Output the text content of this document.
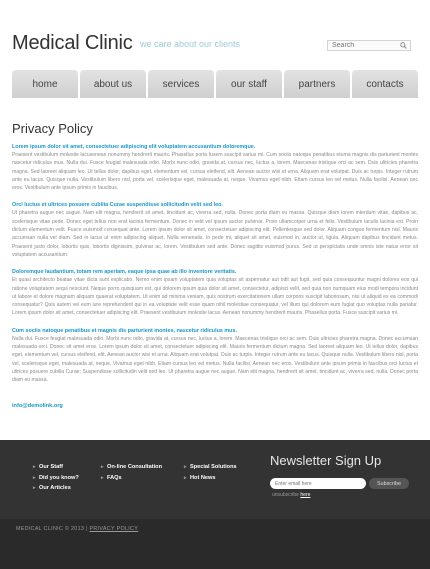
Medical Clinic we care about our clients
Search
home	about us	services	our staff	partners	contacts
Privacy Policy
Lorem ipsum dolor sit amet, consectetuer adipiscing elit voluptatem accusantium doloremque.
Praesent vestibulum molestie lacusenean nonummy hendrerit mauris. Phasellus porta fusem suscipit varius mi. Cum sociis natoque penatibus etuma magnis dis parturient montes nascetur ridiculus mus. Nulla dui. Fusce feugiat malesuada odio. Morbi nunc odio, gravida at, cursus nec, luctus a, lorem. Maecenas tristique orci ac sem. Duis ultricies pharetra magna. Sed laoreet aliquam leo. Ut tellus dolor, dapibus eget, elementum vel, cursus eleifend, elit. Aenean auctor wisi et urna. Aliquam erat volutpat. Duis ac turpis. Integer rutrum ante eu lacus. Quisque nulla. Vestibulum libero nisl, porta vel, scelerisque eget, malesuada at, neque. Vivamus eget nibh. Etiam cursus leo vel metus. Nulla facilisi. Aenean nec eros. Vestibulum ante ipsum primis in faucibus.
Orci luctus et ultrices posuere cubilia Curae suspendisse sollicitudin velit sed leo.
Ut pharetra augue nec augue. Nam elit magna, hendrerit sit amet, tincidunt ac, viverra sed, nulla. Donec porta diam eu massa. Quisque diam lorem interdum vitae, dapibus ac, scelerisque vitae pede. Donec eget tellus non erat lacinia fermentum. Donec in velit vel ipsum auctor pulvinar. Proin ullamcorper urna et felis. Vestibulum iaculis lacinia est. Proin dictum elementum velit. Fusce euismod consequat ante. Lorem ipsum dolor sit amet, consectetuer adipiscing elit. Pellentesque sed dolor. Aliquam congue fermentum nisl. Mauris accumsan nulla vel diam. Sed in lacus ut enim adipiscing aliquet. Nulla venenatis. In pede mi, aliquet sit amet, euismod in, auctor ut, ligula. Aliquam dapibus tincidunt metus. Praesent justo dolor, lobortis quis, lobortis dignissim, pulvinar ac, lorem. Vestibulum sed ante. Donec sagittis euismod purus. Sed ut perspiciatis unde omnis iste natus error sit voluptatem accusantium.
Doloremque laudantium, totam rem aperiam, eaque ipsa quae ab illo inventore veritatis.
Et quasi architecto beatae vitae dicta sunt explicabo. Nemo enim ipsam voluptatem quia voluptas sit aspernatur aut odit aut fugit, sed quia consequuntur magni dolores eos qui ratione voluptatem sequi nesciunt. Neque porro quisquam est, qui dolorem ipsum quia dolor sit amet, consectetur, adipisci velit, sed quia non numquam eius modi tempora incidunt ut labore et dolore magnam aliquam quaerat voluptatem. Ut enim ad minima veniam, quis nostrum exercitationem ullam corporis suscipit laboriosam, nisi ut aliquid ex ea commodi consequatur? Quis autem vel eum iure reprehenderit qui in ea voluptate velit esse quam nihil molestiae consequatur, vel illum qui dolorem eum fugiat quo voluptas nulla pariatur. Lorem ipsum dolor sit amet, consectetuer adipiscing elit. Praesent vestibulum molestie lacus. Aenean nonummy hendrerit mauris. Phasellus porta. Fusce suscipit varius mi.
Cum sociis natoque penatibus et magnis dis parturient montes, nascetur ridiculus mus.
Nulla dui. Fusce feugiat malesuada odio. Morbi nunc odio, gravida at, cursus nec, luctus a, lorem. Maecenas tristique orci ac sem. Duis ultricies pharetra magna. Donec accumsan malesuada orci. Donec sit amet eros. Lorem ipsum dolor sit amet, consectetuer adipiscing elit. Mauris fermentum dictum magna. Sed laoreet aliquam leo. Ut tellus dolor, dapibus eget, elementum vel, cursus eleifend, elit. Aenean auctor wisi et urna. Aliquam erat volutpat. Duis ac turpis. Integer rutrum ante eu lacus. Quisque nulla. Vestibulum libero nisl, porta vel, scelerisque eget, malesuada at, neque. Vivamus eget nibh. Etiam cursus leo vel metus. Nulla facilisi. Aenean nec eros. Vestibulum ante ipsum primis in faucibus orci luctus et ultrices posuere cubilia Curae; Suspendisse sollicitudin velit sed leo. Ut pharetra augue nec augue. Nam elit magna, hendrerit sit amet, tincidunt ac, viverra sed, nulla. Donec porta diam eu massa.
info@demolink.org
▸ Our Staff
▸ Did you know?
▸ Our Articles
▸ On-line Consultation
▸ FAQs
▸ Special Solutions
▸ Hot News
Newsletter Sign Up
Enter email here
Subscribe
unsubscribe here
MEDICAL CLINIC © 2013 | PRIVACY POLICY
